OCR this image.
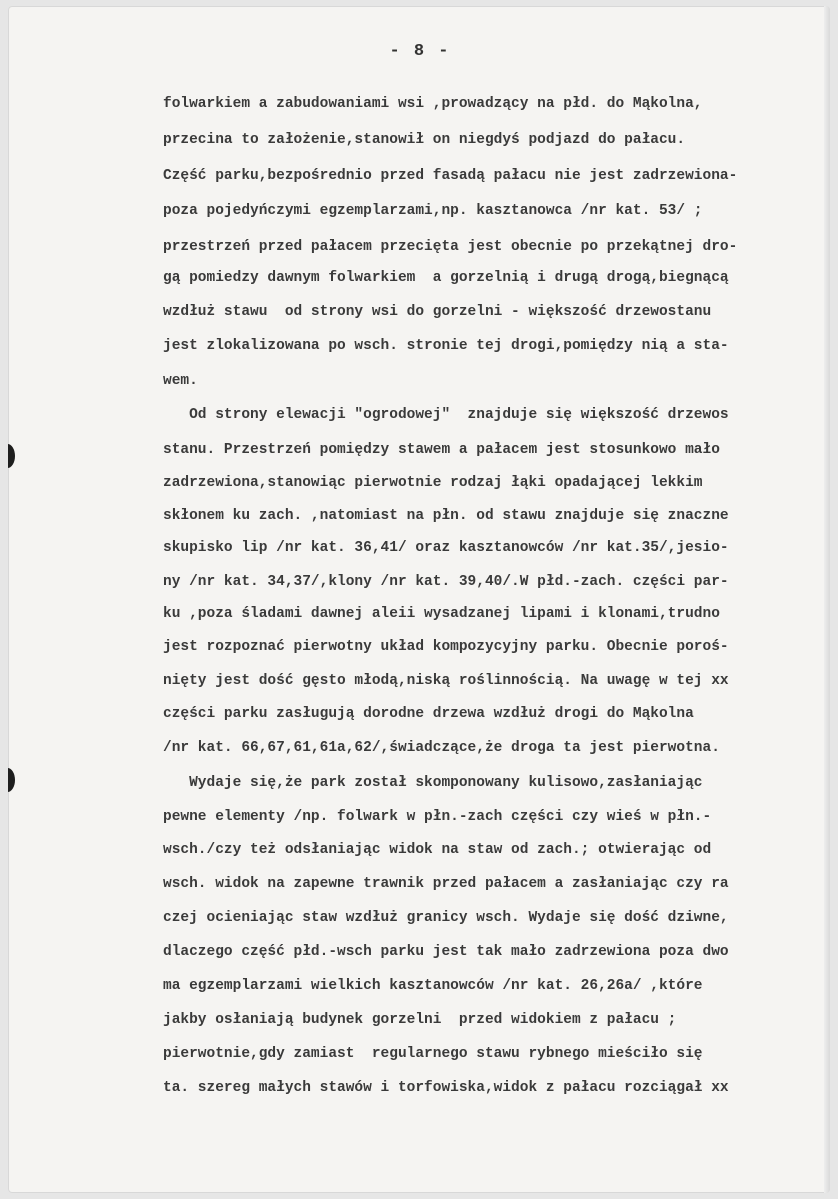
- 8 -
folwarkiem a zabudowaniami wsi ,prowadzący na płd. do Mąkolna,
przecina to założenie,stanowił on niegdyś podjazd do pałacu.
Część parku,bezpośrednio przed fasadą pałacu nie jest zadrzewiona-
poza pojedyńczymi egzemplarzami,np. kasztanowca /nr kat. 53/ ;
przestrzeń przed pałacem przecięta jest obecnie po przekątnej dro-
gą pomiedzy dawnym folwarkiem  a gorzelnią i drugą drogą,biegnącą
wzdłuż stawu  od strony wsi do gorzelni - większość drzewostanu
jest zlokalizowana po wsch. stronie tej drogi,pomiędzy nią a sta-
wem.
Od strony elewacji "ogrodowej"  znajduje się większość drzewos
stanu. Przestrzeń pomiędzy stawem a pałacem jest stosunkowo mało
zadrzewiona,stanowiąc pierwotnie rodzaj łąki opadającej lekkim
skłonem ku zach. ,natomiast na płn. od stawu znajduje się znaczne
skupisko lip /nr kat. 36,41/ oraz kasztanowców /nr kat.35/,jesio-
ny /nr kat. 34,37/,klony /nr kat. 39,40/.W płd.-zach. części par-
ku ,poza śladami dawnej aleii wysadzanej lipami i klonami,trudno
jest rozpoznać pierwotny układ kompozycyjny parku. Obecnie poroś-
nięty jest dość gęsto młodą,niską roślinnością. Na uwagę w tej xx
części parku zasługują dorodne drzewa wzdłuż drogi do Mąkolna
/nr kat. 66,67,61,61a,62/,świadczące,że droga ta jest pierwotna.
Wydaje się,że park został skomponowany kulisowo,zasłaniając
pewne elementy /np. folwark w płn.-zach części czy wieś w płn.-
wsch./czy też odsłaniając widok na staw od zach.; otwierając od
wsch. widok na zapewne trawnik przed pałacem a zasłaniając czy ra
czej ocieniając staw wzdłuż granicy wsch. Wydaje się dość dziwne,
dlaczego część płd.-wsch parku jest tak mało zadrzewiona poza dwo
ma egzemplarzami wielkich kasztanowców /nr kat. 26,26a/ ,które
jakby osłaniają budynek gorzelni  przed widokiem z pałacu ;
pierwotnie,gdy zamiast  regularnego stawu rybnego mieściło się
ta. szereg małych stawów i torfowiska,widok z pałacu rozciągał xx
